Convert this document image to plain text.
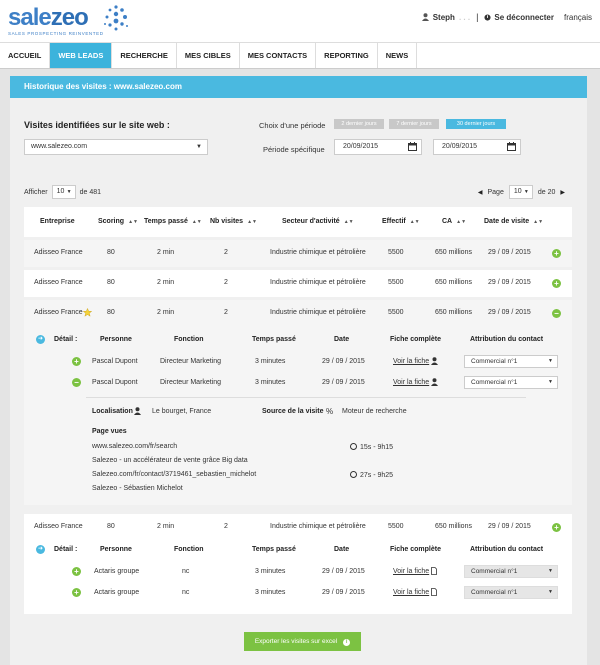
salezeo
SALES PROSPECTING REINVENTED
Steph . . . | Se déconnecter français
ACCUEIL	WEB LEADS	RECHERCHE	MES CIBLES	MES CONTACTS	REPORTING	NEWS
Historique des visites : www.salezeo.com
Visites identifiées sur le site web :
www.salezeo.com	▼
Choix d'une période	2 dernier jours	7 dernier jours	30 dernier jours
Période spécifique	20/09/2015	20/09/2015
Afficher	10 ▼ de 481	◀ Page	10 ▼ de 20 ▶
Entreprise	Scoring ▲▼ Temps passé ▲▼ Nb visites ▲▼	Secteur d'activité ▲▼	Effectif ▲▼	CA ▲▼	Date de visite ▲▼
Adisseo France	80	2 min	2	Industrie chimique et pétrolière	5500	650 millions 29 / 09 / 2015	+
Adisseo France	80	2 min	2	Industrie chimique et pétrolière	5500	650 millions 29 / 09 / 2015	+
Adisseo France	80	2 min	2	Industrie chimique et pétrolière	5500	650 millions 29 / 09 / 2015	−
➜ Détail :	Personne	Fonction	Temps passé	Date	Fiche complète	Attribution du contact
+	Pascal Dupont	Directeur Marketing	3 minutes	29 / 09 / 2015	Voir la fiche	Commercial n°1	▼
−	Pascal Dupont	Directeur Marketing	3 minutes	29 / 09 / 2015	Voir la fiche	Commercial n°1	▼
Localisation	Le bourget, France	Source de la visite % Moteur de recherche
Page vues
www.salezeo.com/fr/search	15s - 9h15
Salezeo - un accélérateur de vente grâce Big data
Salezeo.com/fr/contact/3719461_sebastien_michelot	27s - 9h25
Salezeo - Sébastien Michelot
Adisseo France	80	2 min	2	Industrie chimique et pétrolière	5500	650 millions 29 / 09 / 2015	+
➜ Détail :	Personne	Fonction	Temps passé	Date	Fiche complète	Attribution du contact
+	Actaris groupe	nc	3 minutes	29 / 09 / 2015	Voir la fiche	Commercial n°1	▼
+	Actaris groupe	nc	3 minutes	29 / 09 / 2015	Voir la fiche	Commercial n°1	▼
Exporter les visites sur excel i
